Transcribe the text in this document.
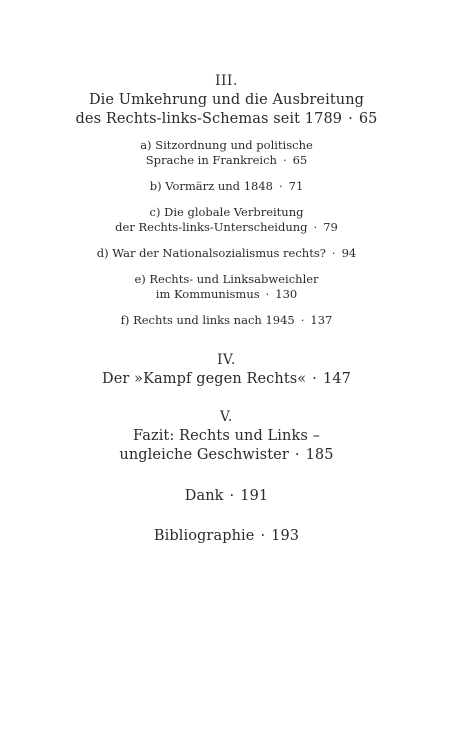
III.
Die Umkehrung und die Ausbreitung
des Rechts-links-Schemas seit 1789 · 65
a) Sitzordnung und politische
Sprache in Frankreich · 65
b) Vormärz und 1848 · 71
c) Die globale Verbreitung
der Rechts-links-Unterscheidung · 79
d) War der Nationalsozialismus rechts? · 94
e) Rechts- und Linksabweichler
im Kommunismus · 130
f) Rechts und links nach 1945 · 137
IV.
Der »Kampf gegen Rechts« · 147
V.
Fazit: Rechts und Links –
ungleiche Geschwister · 185
Dank · 191
Bibliographie · 193
